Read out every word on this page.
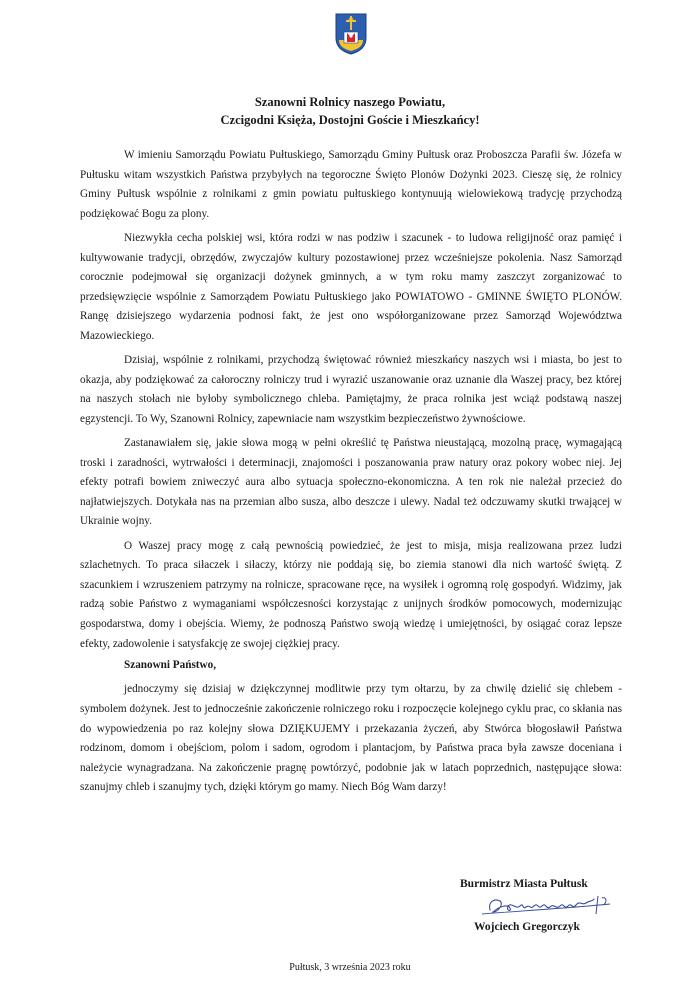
Szanowni Rolnicy naszego Powiatu,
Czcigodni Księża, Dostojni Goście i Mieszkańcy!

W imieniu Samorządu Powiatu Pułtuskiego, Samorządu Gminy Pułtusk oraz Proboszcza Parafii św. Józefa w Pułtusku witam wszystkich Państwa przybyłych na tegoroczne Święto Plonów Dożynki 2023. Cieszę się, że rolnicy Gminy Pułtusk wspólnie z rolnikami z gmin powiatu pułtuskiego kontynuują wielowiekową tradycję przychodzą podziękować Bogu za plony.

Niezwykła cecha polskiej wsi, która rodzi w nas podziw i szacunek - to ludowa religijność oraz pamięć i kultywowanie tradycji, obrzędów, zwyczajów kultury pozostawionej przez wcześniejsze pokolenia. Nasz Samorząd corocznie podejmował się organizacji dożynek gminnych, a w tym roku mamy zaszczyt zorganizować to przedsięwzięcie wspólnie z Samorządem Powiatu Pułtuskiego jako POWIATOWO - GMINNE ŚWIĘTO PLONÓW. Rangę dzisiejszego wydarzenia podnosi fakt, że jest ono współorganizowane przez Samorząd Województwa Mazowieckiego.

Dzisiaj, wspólnie z rolnikami, przychodzą świętować również mieszkańcy naszych wsi i miasta, bo jest to okazja, aby podziękować za całoroczny rolniczy trud i wyrazić uszanowanie oraz uznanie dla Waszej pracy, bez której na naszych stołach nie byłoby symbolicznego chleba. Pamiętajmy, że praca rolnika jest wciąż podstawą naszej egzystencji. To Wy, Szanowni Rolnicy, zapewniacie nam wszystkim bezpieczeństwo żywnościowe.

Zastanawiałem się, jakie słowa mogą w pełni określić tę Państwa nieustającą, mozolną pracę, wymagającą troski i zaradności, wytrwałości i determinacji, znajomości i poszanowania praw natury oraz pokory wobec niej. Jej efekty potrafi bowiem zniweczyć aura albo sytuacja społeczno-ekonomiczna. A ten rok nie należał przecież do najłatwiejszych. Dotykała nas na przemian albo susza, albo deszcze i ulewy. Nadal też odczuwamy skutki trwającej w Ukrainie wojny.

O Waszej pracy mogę z całą pewnością powiedzieć, że jest to misja, misja realizowana przez ludzi szlachetnych. To praca siłaczek i siłaczy, którzy nie poddają się, bo ziemia stanowi dla nich wartość świętą. Z szacunkiem i wzruszeniem patrzymy na rolnicze, spracowane ręce, na wysiłek i ogromną rolę gospodyń. Widzimy, jak radzą sobie Państwo z wymaganiami współczesności korzystając z unijnych środków pomocowych, modernizując gospodarstwa, domy i obejścia. Wiemy, że podnoszą Państwo swoją wiedzę i umiejętności, by osiągać coraz lepsze efekty, zadowolenie i satysfakcję ze swojej ciężkiej pracy.

Szanowni Państwo,

jednoczymy się dzisiaj w dziękczynnej modlitwie przy tym ołtarzu, by za chwilę dzielić się chlebem - symbolem dożynek. Jest to jednocześnie zakończenie rolniczego roku i rozpoczęcie kolejnego cyklu prac, co skłania nas do wypowiedzenia po raz kolejny słowa DZIĘKUJEMY i przekazania życzeń, aby Stwórca błogosławił Państwa rodzinom, domom i obejściom, polom i sadom, ogrodom i plantacjom, by Państwa praca była zawsze doceniana i należycie wynagradzana. Na zakończenie pragnę powtórzyć, podobnie jak w latach poprzednich, następujące słowa: szanujmy chleb i szanujmy tych, dzięki którym go mamy. Niech Bóg Wam darzy!

Burmistrz Miasta Pułtusk
Wojciech Gregorczyk
Pułtusk, 3 września 2023 roku
